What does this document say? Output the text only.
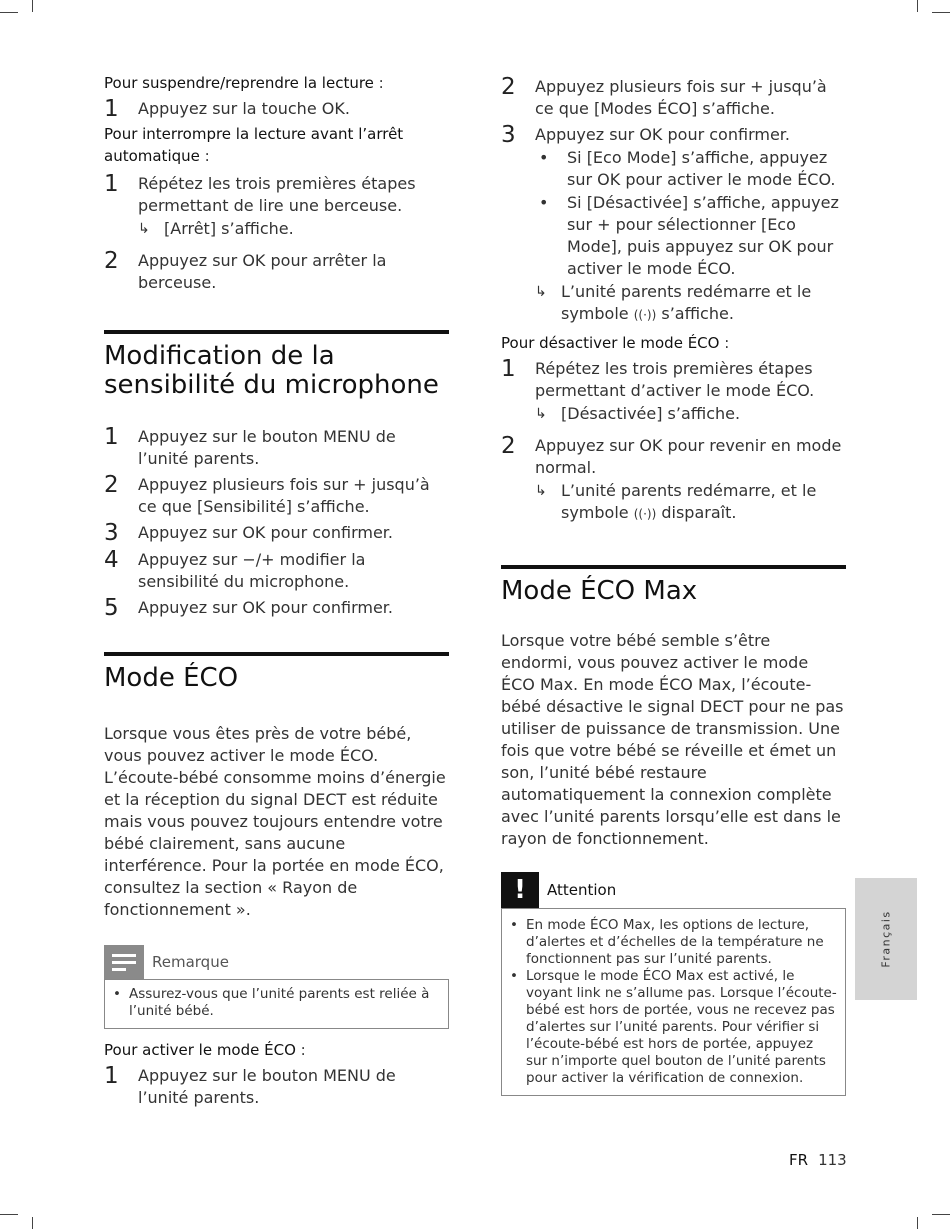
Pour suspendre/reprendre la lecture :
1	Appuyez sur la touche OK.
Pour interrompre la lecture avant l’arrêt automatique :
1	Répétez les trois premières étapes permettant de lire une berceuse.
↳ [Arrêt] s’affiche.
2	Appuyez sur OK pour arrêter la berceuse.
Modification de la sensibilité du microphone
1	Appuyez sur le bouton MENU de l’unité parents.
2	Appuyez plusieurs fois sur + jusqu’à ce que [Sensibilité] s’affiche.
3	Appuyez sur OK pour confirmer.
4	Appuyez sur −/+ modifier la sensibilité du microphone.
5	Appuyez sur OK pour confirmer.
Mode ÉCO
Lorsque vous êtes près de votre bébé, vous pouvez activer le mode ÉCO. L’écoute-bébé consomme moins d’énergie et la réception du signal DECT est réduite mais vous pouvez toujours entendre votre bébé clairement, sans aucune interférence. Pour la portée en mode ÉCO, consultez la section « Rayon de fonctionnement ».
Remarque
• Assurez-vous que l’unité parents est reliée à l’unité bébé.
Pour activer le mode ÉCO :
1	Appuyez sur le bouton MENU de l’unité parents.
2	Appuyez plusieurs fois sur + jusqu’à ce que [Modes ÉCO] s’affiche.
3	Appuyez sur OK pour confirmer.
•	Si [Eco Mode] s’affiche, appuyez sur OK pour activer le mode ÉCO.
•	Si [Désactivée] s’affiche, appuyez sur + pour sélectionner [Eco Mode], puis appuyez sur OK pour activer le mode ÉCO.
↳ L’unité parents redémarre et le symbole ((·)) s’affiche.
Pour désactiver le mode ÉCO :
1	Répétez les trois premières étapes permettant d’activer le mode ÉCO.
↳ [Désactivée] s’affiche.
2	Appuyez sur OK pour revenir en mode normal.
↳ L’unité parents redémarre, et le symbole ((·)) disparaît.
Mode ÉCO Max
Lorsque votre bébé semble s’être endormi, vous pouvez activer le mode ÉCO Max. En mode ÉCO Max, l’écoute-bébé désactive le signal DECT pour ne pas utiliser de puissance de transmission. Une fois que votre bébé se réveille et émet un son, l’unité bébé restaure automatiquement la connexion complète avec l’unité parents lorsqu’elle est dans le rayon de fonctionnement.
!	Attention
• En mode ÉCO Max, les options de lecture, d’alertes et d’échelles de la température ne fonctionnent pas sur l’unité parents.
• Lorsque le mode ÉCO Max est activé, le voyant link ne s’allume pas. Lorsque l’écoute-bébé est hors de portée, vous ne recevez pas d’alertes sur l’unité parents. Pour vérifier si l’écoute-bébé est hors de portée, appuyez sur n’importe quel bouton de l’unité parents pour activer la vérification de connexion.
Français
FR 113
